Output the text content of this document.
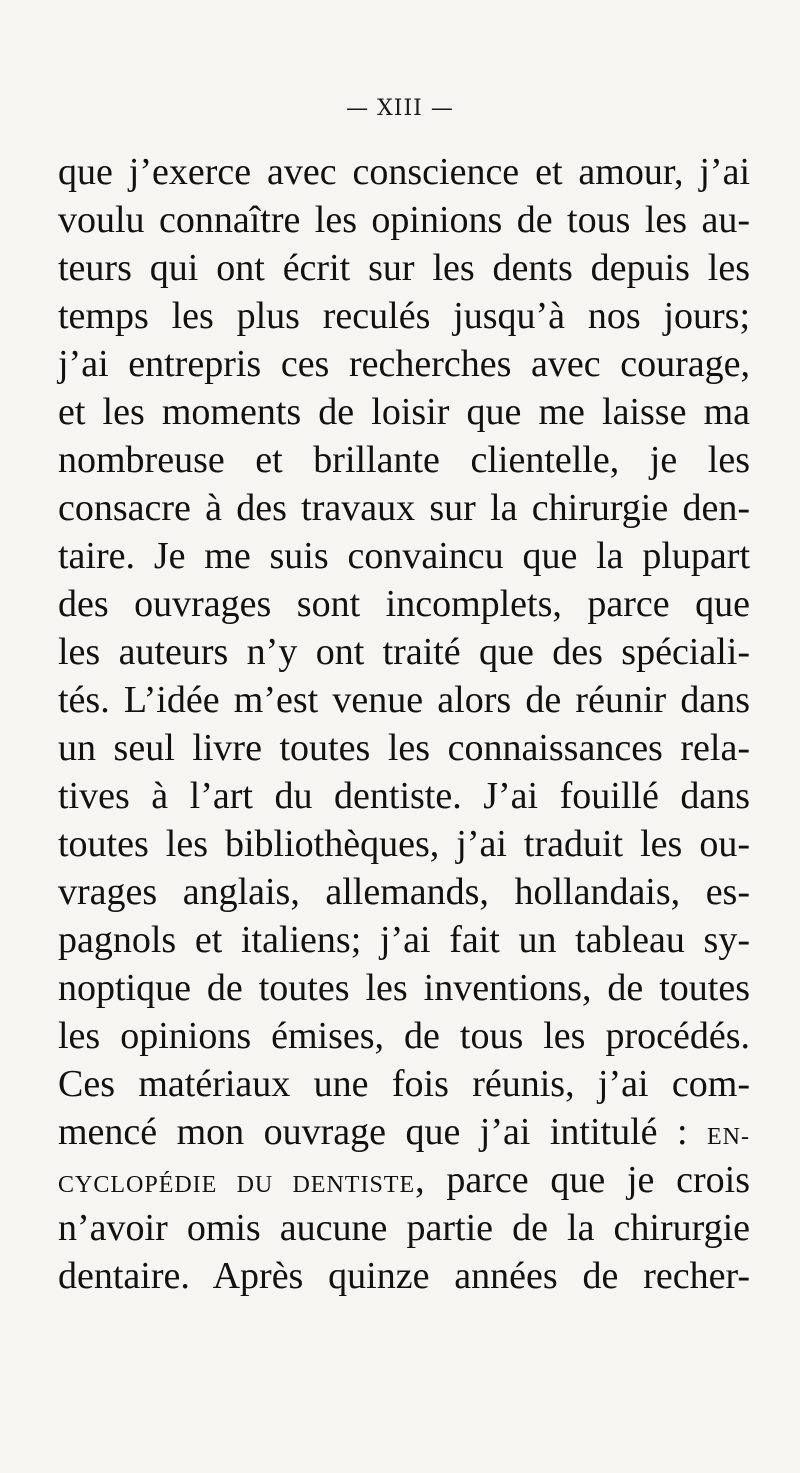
— XIII —
que j’exerce avec conscience et amour, j’ai
voulu connaître les opinions de tous les au-
teurs qui ont écrit sur les dents depuis les
temps les plus reculés jusqu’à nos jours;
j’ai entrepris ces recherches avec courage,
et les moments de loisir que me laisse ma
nombreuse et brillante clientelle, je les
consacre à des travaux sur la chirurgie den-
taire. Je me suis convaincu que la plupart
des ouvrages sont incomplets, parce que
les auteurs n’y ont traité que des spéciali-
tés. L’idée m’est venue alors de réunir dans
un seul livre toutes les connaissances rela-
tives à l’art du dentiste. J’ai fouillé dans
toutes les bibliothèques, j’ai traduit les ou-
vrages anglais, allemands, hollandais, es-
pagnols et italiens; j’ai fait un tableau sy-
noptique de toutes les inventions, de toutes
les opinions émises, de tous les procédés.
Ces matériaux une fois réunis, j’ai com-
mencé mon ouvrage que j’ai intitulé : EN-
CYCLOPÉDIE DU DENTISTE, parce que je crois
n’avoir omis aucune partie de la chirurgie
dentaire. Après quinze années de recher-
